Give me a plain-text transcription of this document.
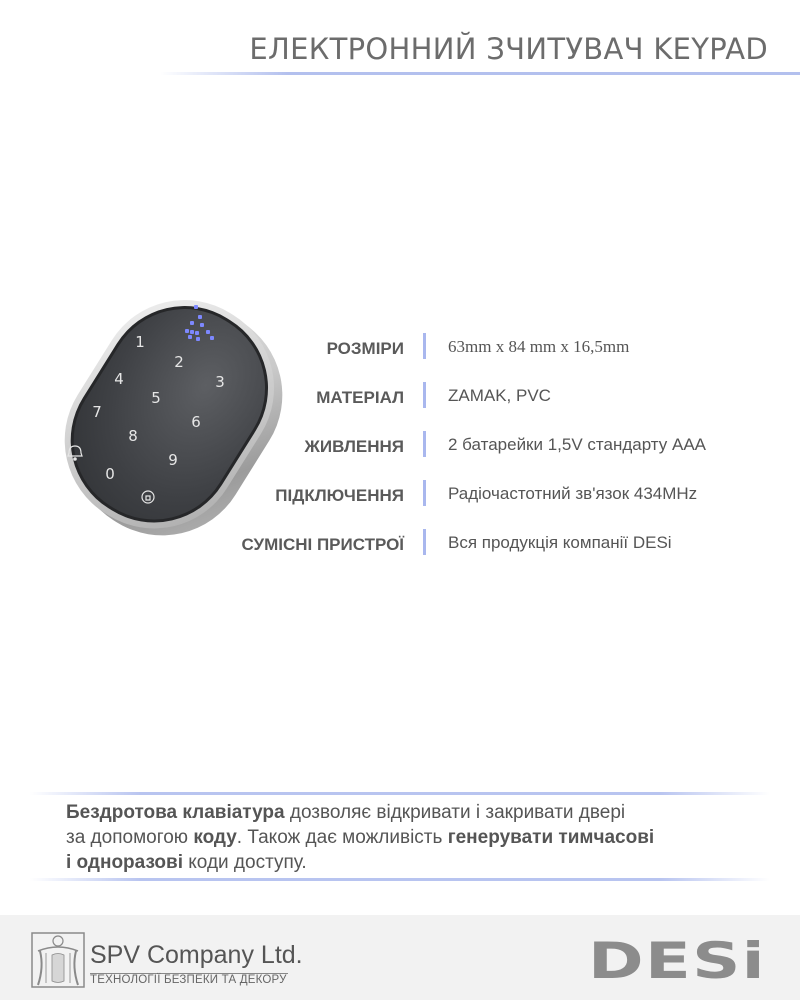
ЕЛЕКТРОННИЙ ЗЧИТУВАЧ KEYPAD
1
2
3
4
5
6
7
8
9
0
РОЗМІРИ	63mm x 84 mm x 16,5mm
МАТЕРІАЛ	ZAMAK, PVC
ЖИВЛЕННЯ	2 батарейки 1,5V стандарту AAA
ПІДКЛЮЧЕННЯ	Радіочастотний зв'язок 434MHz
СУМІСНІ ПРИСТРОЇ	Вся продукція компанії DESi
Бездротова клавіатура дозволяє відкривати і закривати двері
за допомогою коду. Також дає можливість генерувати тимчасові
і одноразові коди доступу.
SPV Company Ltd.
ТЕХНОЛОГІЇ БЕЗПЕКИ ТА ДЕКОРУ	DESi
